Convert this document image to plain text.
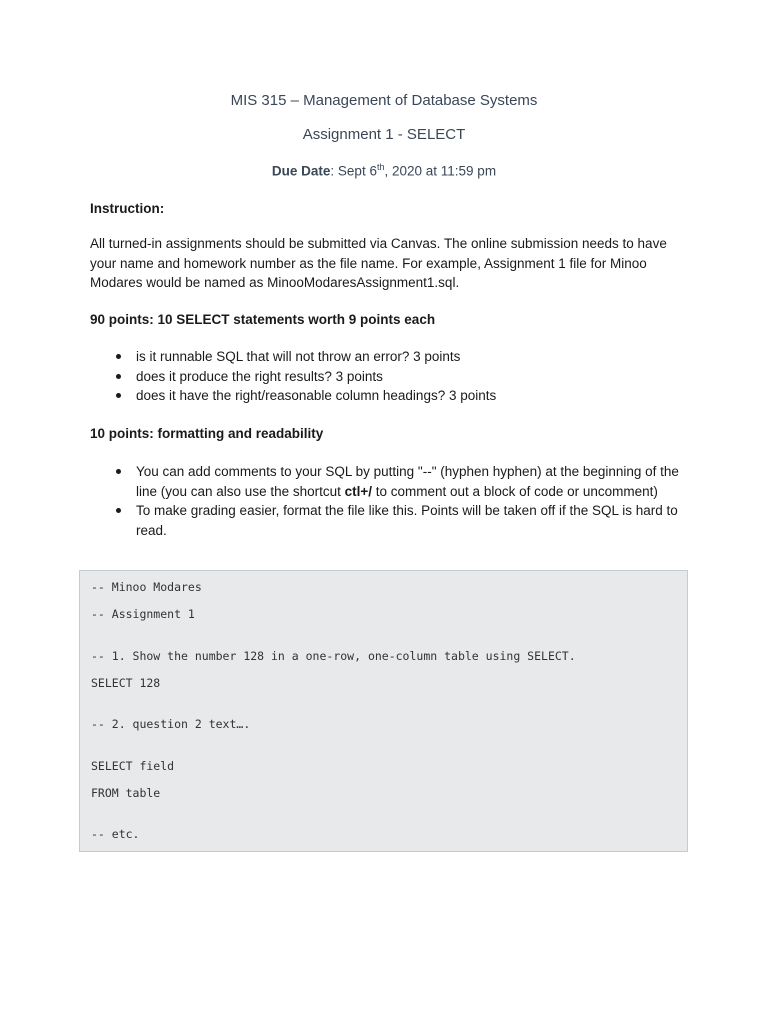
MIS 315 – Management of Database Systems
Assignment 1 - SELECT
Due Date: Sept 6th, 2020 at 11:59 pm
Instruction:
All turned-in assignments should be submitted via Canvas. The online submission needs to have your name and homework number as the file name. For example, Assignment 1 file for Minoo Modares would be named as MinooModaresAssignment1.sql.
90 points: 10 SELECT statements worth 9 points each
is it runnable SQL that will not throw an error? 3 points
does it produce the right results? 3 points
does it have the right/reasonable column headings? 3 points
10 points: formatting and readability
You can add comments to your SQL by putting "--" (hyphen hyphen) at the beginning of the line (you can also use the shortcut ctl+/ to comment out a block of code or uncomment)
To make grading easier, format the file like this. Points will be taken off if the SQL is hard to read.
-- Minoo Modares
-- Assignment 1
-- 1. Show the number 128 in a one-row, one-column table using SELECT.
SELECT 128
-- 2. question 2 text….
SELECT field
FROM table
-- etc.
